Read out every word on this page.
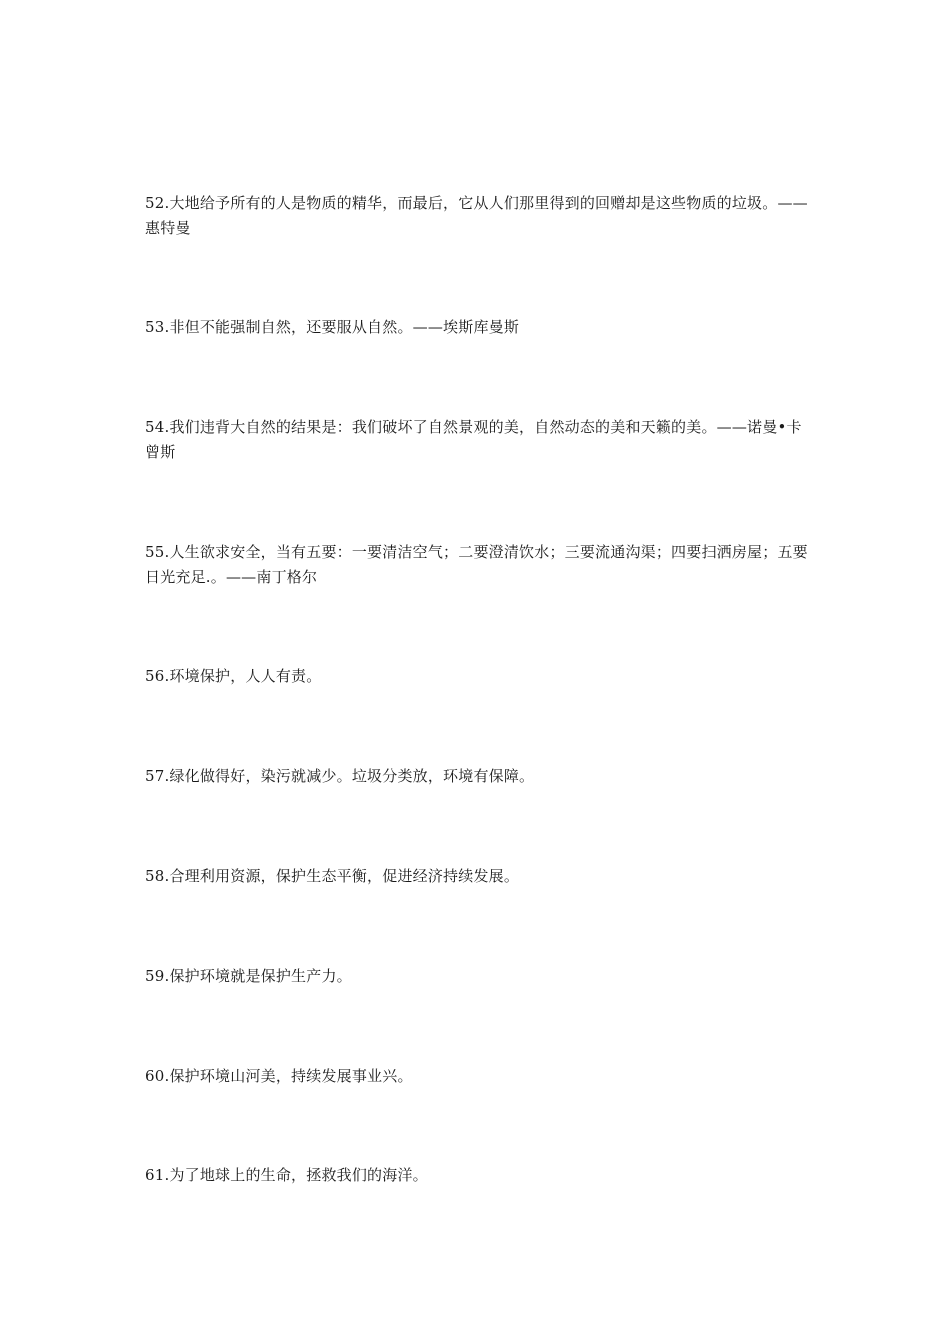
52.大地给予所有的人是物质的精华，而最后，它从人们那里得到的回赠却是这些物质的垃圾。——惠特曼

53.非但不能强制自然，还要服从自然。——埃斯库曼斯

54.我们违背大自然的结果是：我们破坏了自然景观的美，自然动态的美和天籁的美。——诺曼•卡曾斯

55.人生欲求安全，当有五要：一要清洁空气；二要澄清饮水；三要流通沟渠；四要扫洒房屋；五要日光充足.。——南丁格尔

56.环境保护，人人有责。

57.绿化做得好，染污就减少。垃圾分类放，环境有保障。

58.合理利用资源，保护生态平衡，促进经济持续发展。

59.保护环境就是保护生产力。

60.保护环境山河美，持续发展事业兴。

61.为了地球上的生命，拯救我们的海洋。
